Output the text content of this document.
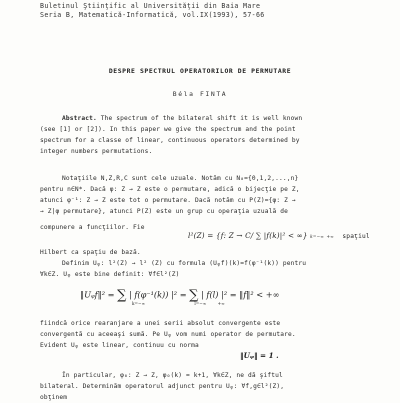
Buletinul Ştiinţific al Universităţii din Baia Mare
Seria B, Matematică-Informatică, vol.IX(1993), 57-66
DESPRE SPECTRUL OPERATORILOR DE PERMUTARE
Béla FINTA
Abstract. The spectrum of the bilateral shift it is well known
(see [1] or [2]). In this paper we give the spectrum and the point
spectrum for a classe of linear, continuous operators determined by
integer numbers permutations.
Notaţiile N,Z,R,C sunt cele uzuale. Notăm cu N₀={0,1,2,...,n}
pentru n∈N*. Dacă φ: Z → Z este o permutare, adică o bijecţie pe Z,
atunci φ⁻¹: Z → Z este tot o permutare. Dacă notăm cu P(Z)={φ: Z →
→ Z|φ permutare}, atunci P(Z) este un grup cu operaţia uzuală de
compunere a funcţiilor. Fie
l²(Z) = {f: Z → C/ ∑ |f(k)|² < ∞} k=−∞ +∞ spaţiul
Hilbert ca spaţiu de bază.
Definim Uᵩ: l²(Z) → l² (Z) cu formula (Uᵩf)(k)=f(φ⁻¹(k)) pentru
∀k∈Z. Uᵩ este bine definit: ∀f∈l²(Z)
‖Uᵩf‖² = ∑ | f(φ⁻¹(k)) |² = ∑ | f(l) |² = ‖f‖² < +∞
k=−∞	l=−∞	+∞
fiindcă orice rearanjare a unei serii absolut convergente este
convergentă cu aceeaşi sumă. Pe Uᵩ vom numi operator de permutare.
Evident Uᵩ este linear, continuu cu norma
‖Uᵩ‖ = 1 .
În particular, φ₀: Z → Z, φ₀(k) = k+1, ∀k∈Z, ne dă şiftul
bilateral. Determinăm operatorul adjunct pentru Uᵩ: ∀f,g∈l²(Z),
obţinem
